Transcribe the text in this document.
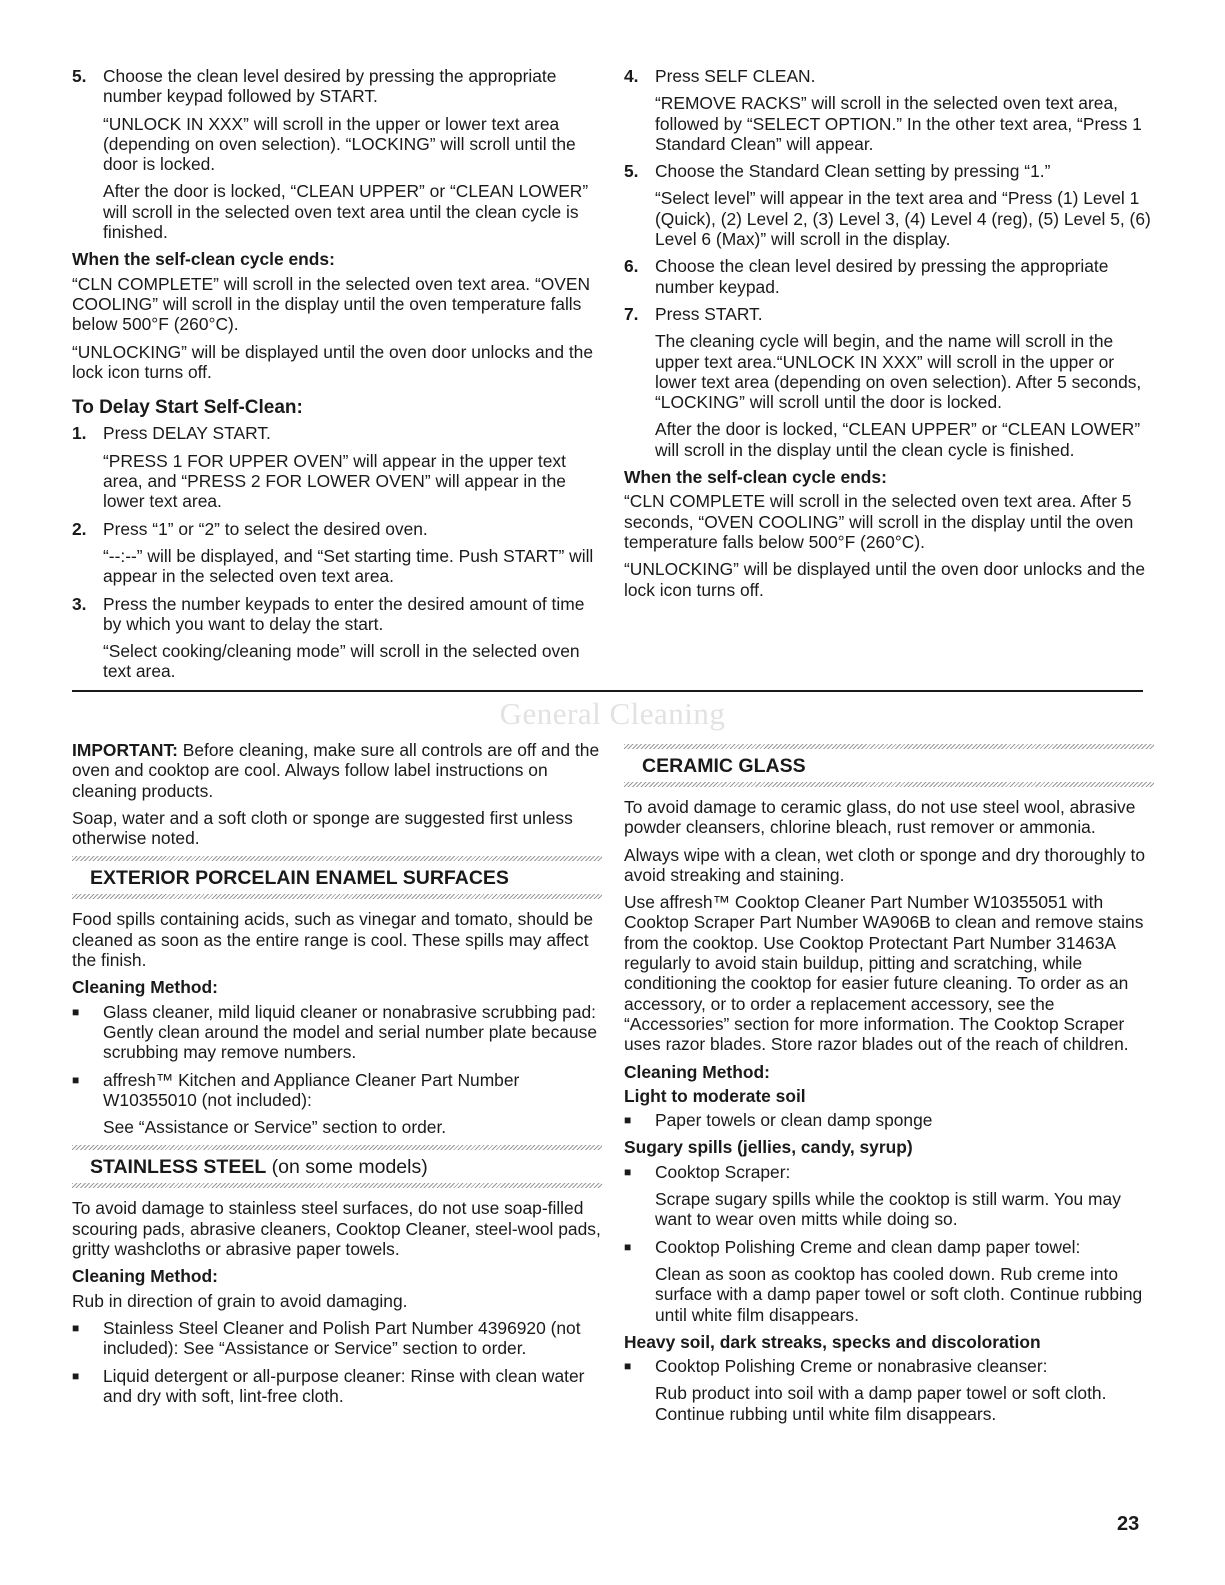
5. Choose the clean level desired by pressing the appropriate number keypad followed by START.

“UNLOCK IN XXX” will scroll in the upper or lower text area (depending on oven selection). “LOCKING” will scroll until the door is locked.

After the door is locked, “CLEAN UPPER” or “CLEAN LOWER” will scroll in the selected oven text area until the clean cycle is finished.

When the self-clean cycle ends:

“CLN COMPLETE” will scroll in the selected oven text area. “OVEN COOLING” will scroll in the display until the oven temperature falls below 500°F (260°C).

“UNLOCKING” will be displayed until the oven door unlocks and the lock icon turns off.

To Delay Start Self-Clean:
1. Press DELAY START.

“PRESS 1 FOR UPPER OVEN” will appear in the upper text area, and “PRESS 2 FOR LOWER OVEN” will appear in the lower text area.

2. Press “1” or “2” to select the desired oven.

“--:--” will be displayed, and “Set starting time. Push START” will appear in the selected oven text area.

3. Press the number keypads to enter the desired amount of time by which you want to delay the start.

“Select cooking/cleaning mode” will scroll in the selected oven text area.

4. Press SELF CLEAN.

“REMOVE RACKS” will scroll in the selected oven text area, followed by “SELECT OPTION.” In the other text area, “Press 1 Standard Clean” will appear.

5. Choose the Standard Clean setting by pressing “1.”

“Select level” will appear in the text area and “Press (1) Level 1 (Quick), (2) Level 2, (3) Level 3, (4) Level 4 (reg), (5) Level 5, (6) Level 6 (Max)” will scroll in the display.

6. Choose the clean level desired by pressing the appropriate number keypad.
7. Press START.

The cleaning cycle will begin, and the name will scroll in the upper text area.“UNLOCK IN XXX” will scroll in the upper or lower text area (depending on oven selection). After 5 seconds, “LOCKING” will scroll until the door is locked.

After the door is locked, “CLEAN UPPER” or “CLEAN LOWER” will scroll in the display until the clean cycle is finished.

When the self-clean cycle ends:

“CLN COMPLETE will scroll in the selected oven text area. After 5 seconds, “OVEN COOLING” will scroll in the display until the oven temperature falls below 500°F (260°C).

“UNLOCKING” will be displayed until the oven door unlocks and the lock icon turns off.

General Cleaning

IMPORTANT: Before cleaning, make sure all controls are off and the oven and cooktop are cool. Always follow label instructions on cleaning products.

Soap, water and a soft cloth or sponge are suggested first unless otherwise noted.

EXTERIOR PORCELAIN ENAMEL SURFACES

Food spills containing acids, such as vinegar and tomato, should be cleaned as soon as the entire range is cool. These spills may affect the finish.

Cleaning Method:
■	Glass cleaner, mild liquid cleaner or nonabrasive scrubbing pad: Gently clean around the model and serial number plate because scrubbing may remove numbers.
■	affresh™ Kitchen and Appliance Cleaner Part Number W10355010 (not included):

See “Assistance or Service” section to order.

STAINLESS STEEL (on some models)

To avoid damage to stainless steel surfaces, do not use soap-filled scouring pads, abrasive cleaners, Cooktop Cleaner, steel-wool pads, gritty washcloths or abrasive paper towels.

Cleaning Method:

Rub in direction of grain to avoid damaging.

■	Stainless Steel Cleaner and Polish Part Number 4396920 (not included): See “Assistance or Service” section to order.
■	Liquid detergent or all-purpose cleaner: Rinse with clean water and dry with soft, lint-free cloth.
CERAMIC GLASS

To avoid damage to ceramic glass, do not use steel wool, abrasive powder cleansers, chlorine bleach, rust remover or ammonia.

Always wipe with a clean, wet cloth or sponge and dry thoroughly to avoid streaking and staining.

Use affresh™ Cooktop Cleaner Part Number W10355051 with Cooktop Scraper Part Number WA906B to clean and remove stains from the cooktop. Use Cooktop Protectant Part Number 31463A regularly to avoid stain buildup, pitting and scratching, while conditioning the cooktop for easier future cleaning. To order as an accessory, or to order a replacement accessory, see the “Accessories” section for more information. The Cooktop Scraper uses razor blades. Store razor blades out of the reach of children.

Cleaning Method:
Light to moderate soil
■	Paper towels or clean damp sponge
Sugary spills (jellies, candy, syrup)
■	Cooktop Scraper:

Scrape sugary spills while the cooktop is still warm. You may want to wear oven mitts while doing so.

■	Cooktop Polishing Creme and clean damp paper towel:

Clean as soon as cooktop has cooled down. Rub creme into surface with a damp paper towel or soft cloth. Continue rubbing until white film disappears.

Heavy soil, dark streaks, specks and discoloration
■	Cooktop Polishing Creme or nonabrasive cleanser:

Rub product into soil with a damp paper towel or soft cloth. Continue rubbing until white film disappears.

23
